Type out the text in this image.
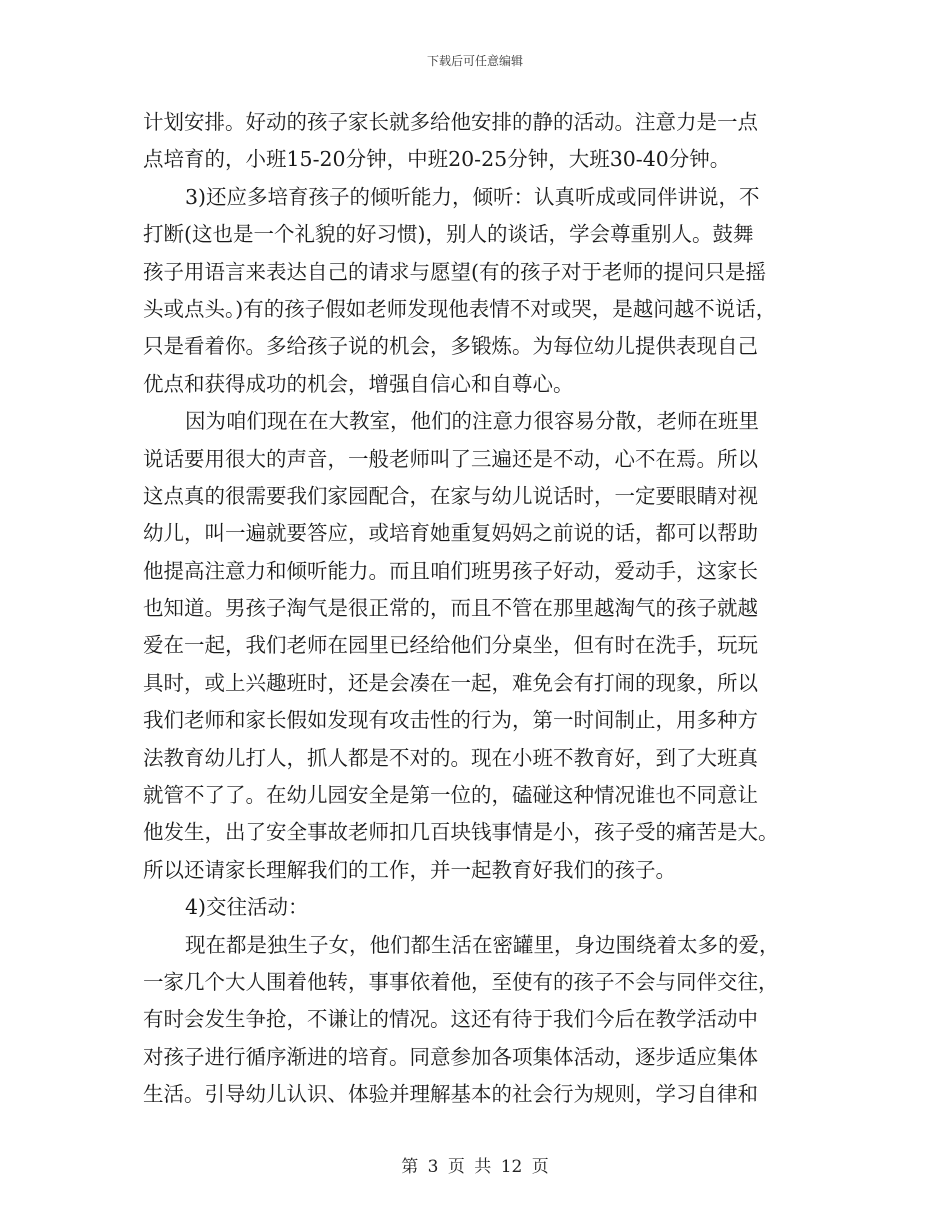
下载后可任意编辑
计划安排。好动的孩子家长就多给他安排的静的活动。注意力是一点
点培育的，小班15-20分钟，中班20-25分钟，大班30-40分钟。
3)还应多培育孩子的倾听能力，倾听：认真听成或同伴讲说，不
打断(这也是一个礼貌的好习惯)，别人的谈话，学会尊重别人。鼓舞
孩子用语言来表达自己的请求与愿望(有的孩子对于老师的提问只是摇
头或点头。)有的孩子假如老师发现他表情不对或哭，是越问越不说话，
只是看着你。多给孩子说的机会，多锻炼。为每位幼儿提供表现自己
优点和获得成功的机会，增强自信心和自尊心。
因为咱们现在在大教室，他们的注意力很容易分散，老师在班里
说话要用很大的声音，一般老师叫了三遍还是不动，心不在焉。所以
这点真的很需要我们家园配合，在家与幼儿说话时，一定要眼睛对视
幼儿，叫一遍就要答应，或培育她重复妈妈之前说的话，都可以帮助
他提高注意力和倾听能力。而且咱们班男孩子好动，爱动手，这家长
也知道。男孩子淘气是很正常的，而且不管在那里越淘气的孩子就越
爱在一起，我们老师在园里已经给他们分桌坐，但有时在洗手，玩玩
具时，或上兴趣班时，还是会凑在一起，难免会有打闹的现象，所以
我们老师和家长假如发现有攻击性的行为，第一时间制止，用多种方
法教育幼儿打人，抓人都是不对的。现在小班不教育好，到了大班真
就管不了了。在幼儿园安全是第一位的，磕碰这种情况谁也不同意让
他发生，出了安全事故老师扣几百块钱事情是小，孩子受的痛苦是大。
所以还请家长理解我们的工作，并一起教育好我们的孩子。
4)交往活动：
现在都是独生子女，他们都生活在密罐里，身边围绕着太多的爱，
一家几个大人围着他转，事事依着他，至使有的孩子不会与同伴交往，
有时会发生争抢，不谦让的情况。这还有待于我们今后在教学活动中
对孩子进行循序渐进的培育。同意参加各项集体活动，逐步适应集体
生活。引导幼儿认识、体验并理解基本的社会行为规则，学习自律和
第 3 页 共 12 页
